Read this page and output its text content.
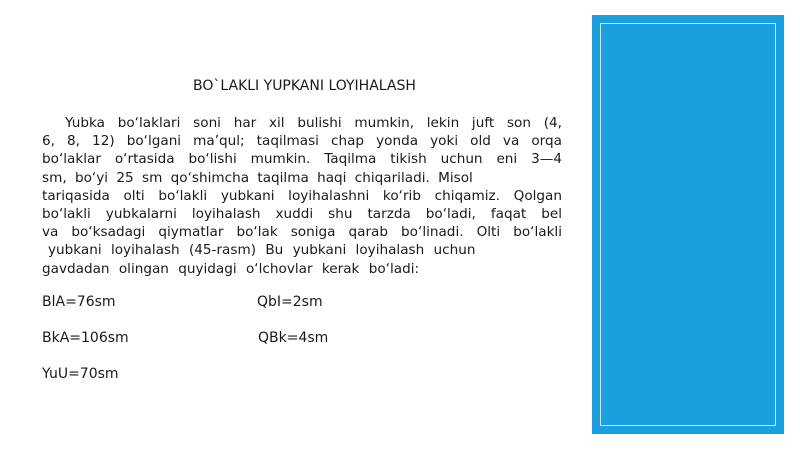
BO`LAKLI YUPKANI LOYIHALASH
Yubka bo‘laklari soni har xil bulishi mumkin, lekin juft son (4,
6, 8, 12) bo‘lgani ma’qul; taqilmasi chap yonda yoki old va orqa
bo‘laklar o‘rtasida bo‘lishi mumkin. Taqilma tikish uchun eni 3—4
sm, bo‘yi 25 sm qo‘shimcha taqilma haqi chiqariladi. Misol
tariqasida olti bo‘lakli yubkani loyihalashni ko‘rib chiqamiz. Qolgan
bo‘lakli yubkalarni loyihalash xuddi shu tarzda bo‘ladi, faqat bel
va bo‘ksadagi qiymatlar bo‘lak soniga qarab bo‘linadi. Olti bo‘lakli
yubkani loyihalash (45-rasm) Bu yubkani loyihalash uchun
gavdadan olingan quyidagi o‘lchovlar kerak bo‘ladi:
BlA=76sm
BkA=106sm
YuU=70sm
QbI=2sm
QBk=4sm
